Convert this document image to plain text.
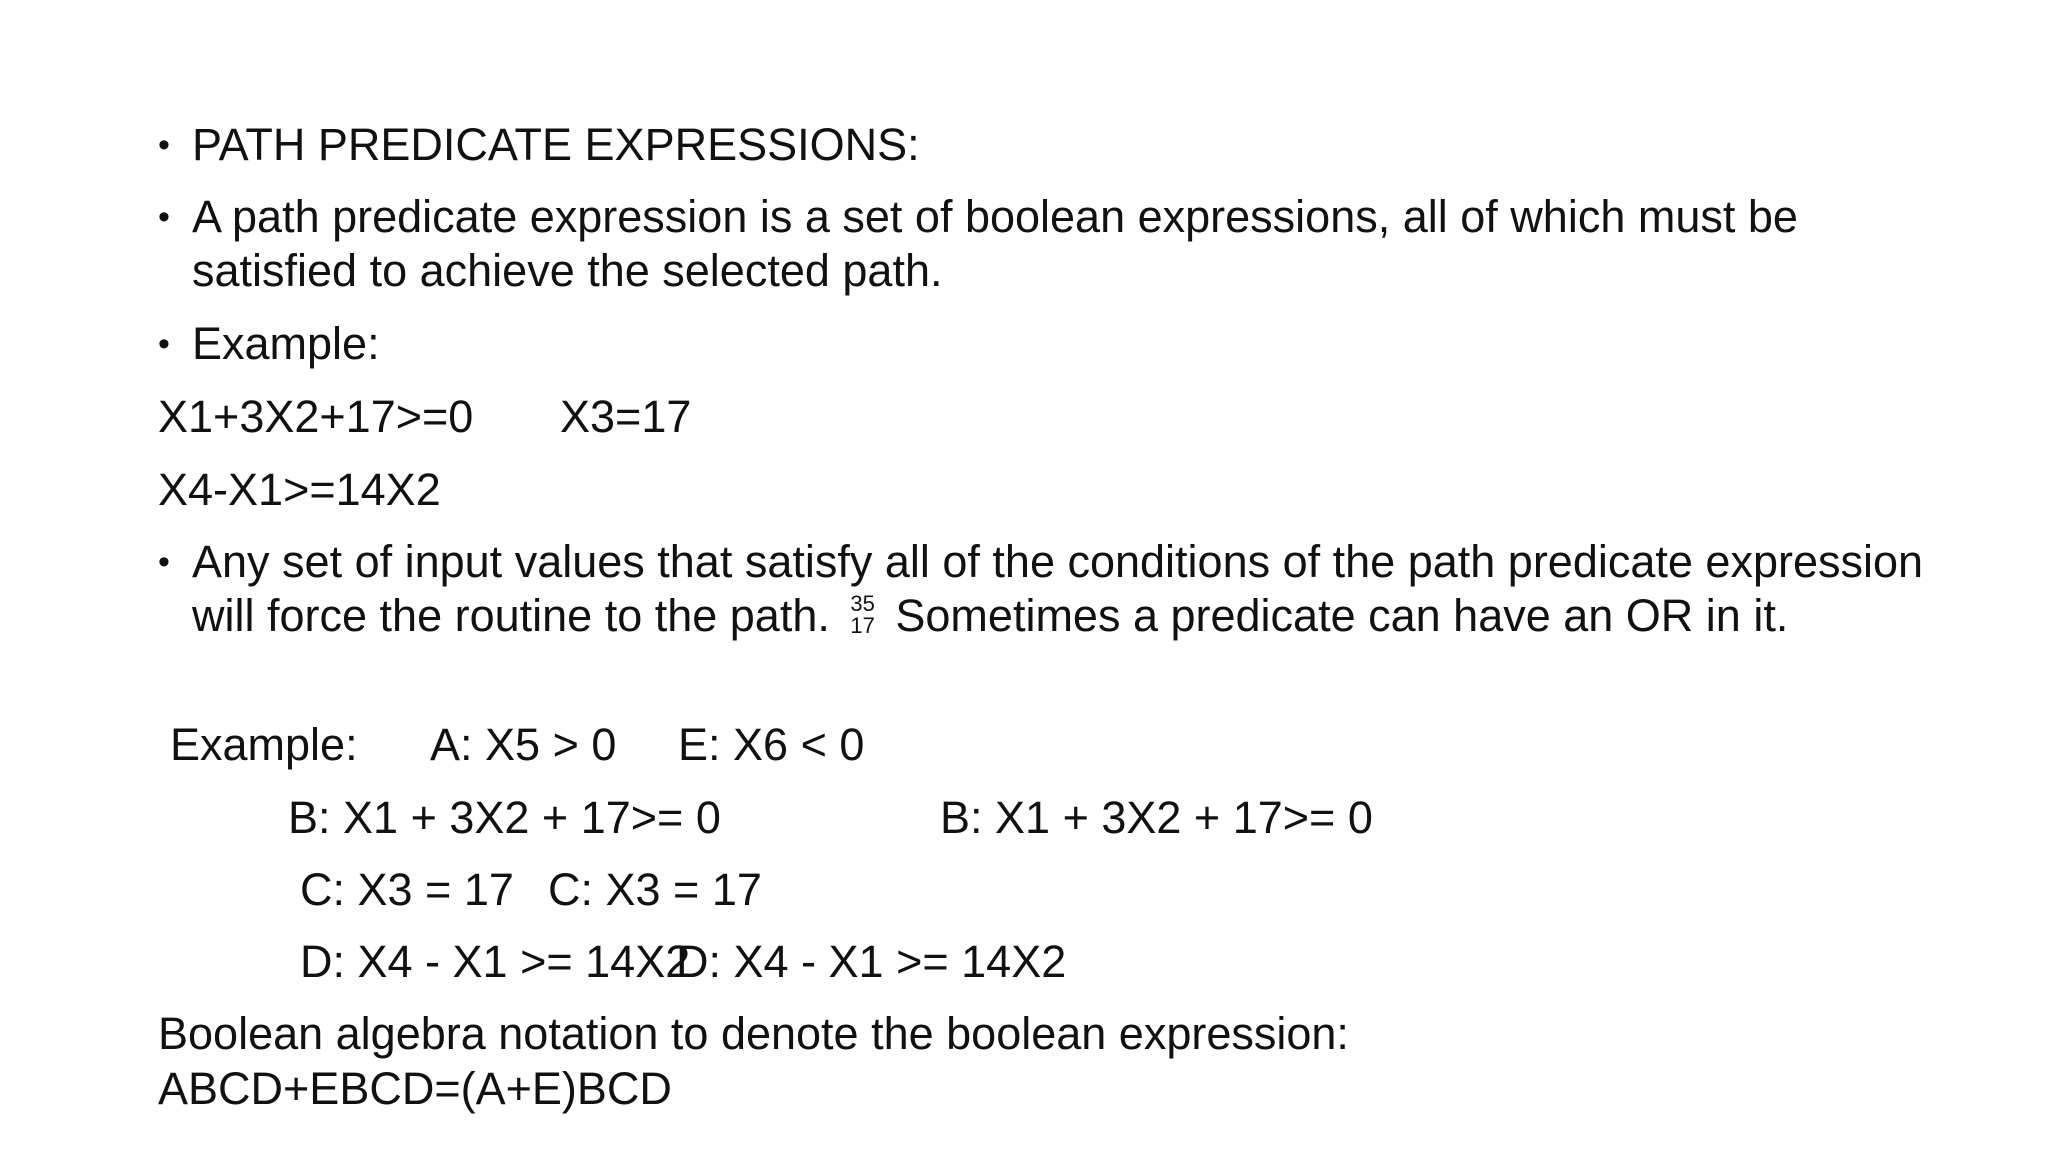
• PATH PREDICATE EXPRESSIONS:
• A path predicate expression is a set of boolean expressions, all of which must be satisfied to achieve the selected path.
• Example:
X1+3X2+17>=0 X3=17
X4-X1>=14X2
• Any set of input values that satisfy all of the conditions of the path predicate expression will force the routine to the path. 35
17 Sometimes a predicate can have an OR in it.
Example: A: X5 > 0 E: X6 < 0
B: X1 + 3X2 + 17>= 0	B: X1 + 3X2 + 17>= 0
C: X3 = 17 C: X3 = 17
D: X4 - X1 >= 14X2
D: X4 - X1 >= 14X2
Boolean algebra notation to denote the boolean expression:
ABCD+EBCD=(A+E)BCD
